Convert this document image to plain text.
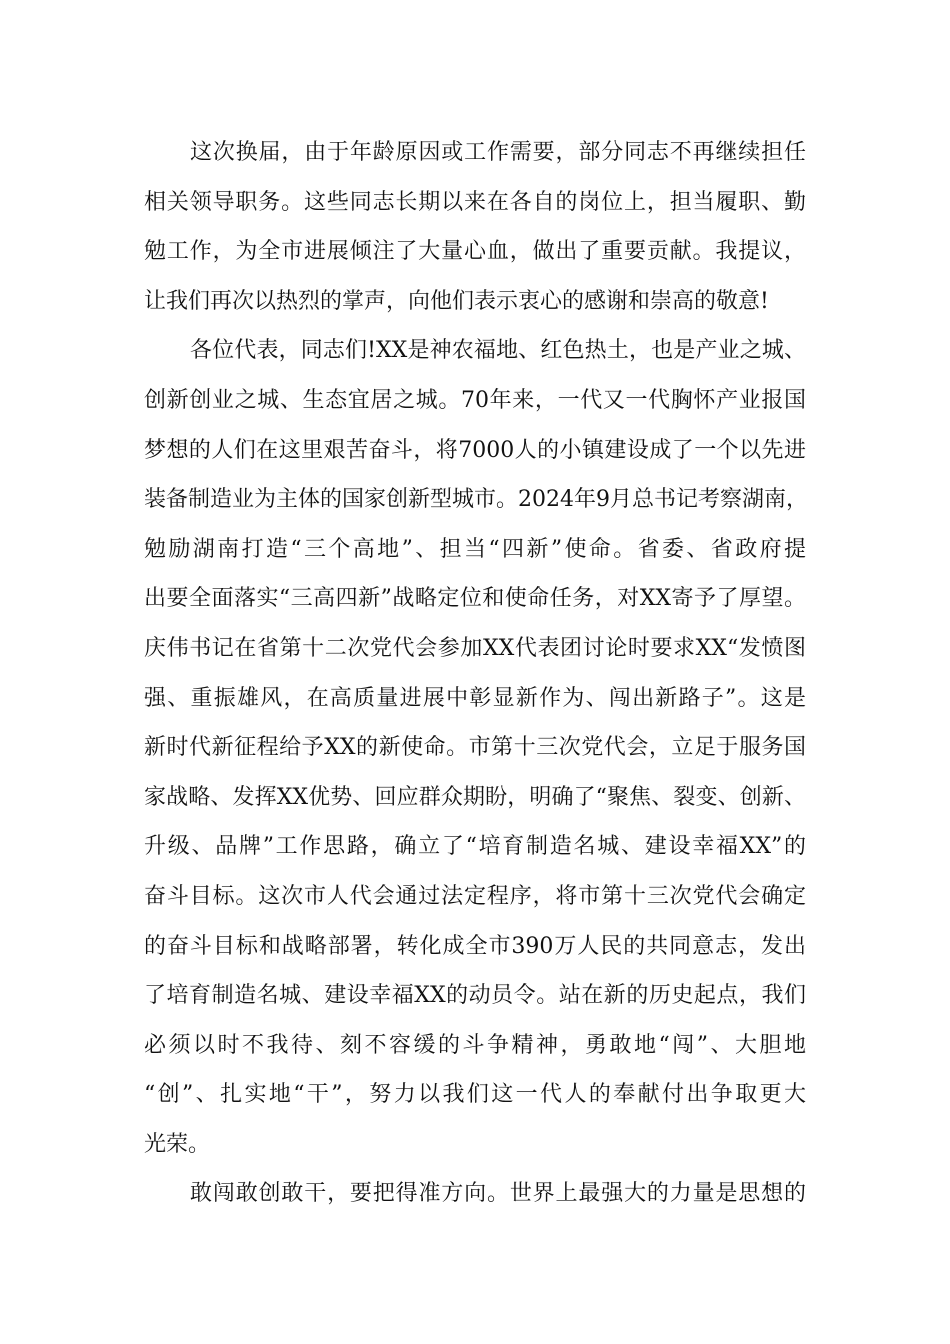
这次换届，由于年龄原因或工作需要，部分同志不再继续担任
相关领导职务。这些同志长期以来在各自的岗位上，担当履职、勤
勉工作，为全市进展倾注了大量心血，做出了重要贡献。我提议，
让我们再次以热烈的掌声，向他们表示衷心的感谢和崇高的敬意!
各位代表，同志们!XX是神农福地、红色热土，也是产业之城、
创新创业之城、生态宜居之城。70年来，一代又一代胸怀产业报国
梦想的人们在这里艰苦奋斗，将7000人的小镇建设成了一个以先进
装备制造业为主体的国家创新型城市。2024年9月总书记考察湖南，
勉励湖南打造“三个高地”、担当“四新”使命。省委、省政府提
出要全面落实“三高四新”战略定位和使命任务，对XX寄予了厚望。
庆伟书记在省第十二次党代会参加XX代表团讨论时要求XX“发愤图
强、重振雄风，在高质量进展中彰显新作为、闯出新路子”。这是
新时代新征程给予XX的新使命。市第十三次党代会，立足于服务国
家战略、发挥XX优势、回应群众期盼，明确了“聚焦、裂变、创新、
升级、品牌”工作思路，确立了“培育制造名城、建设幸福XX”的
奋斗目标。这次市人代会通过法定程序，将市第十三次党代会确定
的奋斗目标和战略部署，转化成全市390万人民的共同意志，发出
了培育制造名城、建设幸福XX的动员令。站在新的历史起点，我们
必须以时不我待、刻不容缓的斗争精神，勇敢地“闯”、大胆地
“创”、扎实地“干”，努力以我们这一代人的奉献付出争取更大
光荣。
敢闯敢创敢干，要把得准方向。世界上最强大的力量是思想的
